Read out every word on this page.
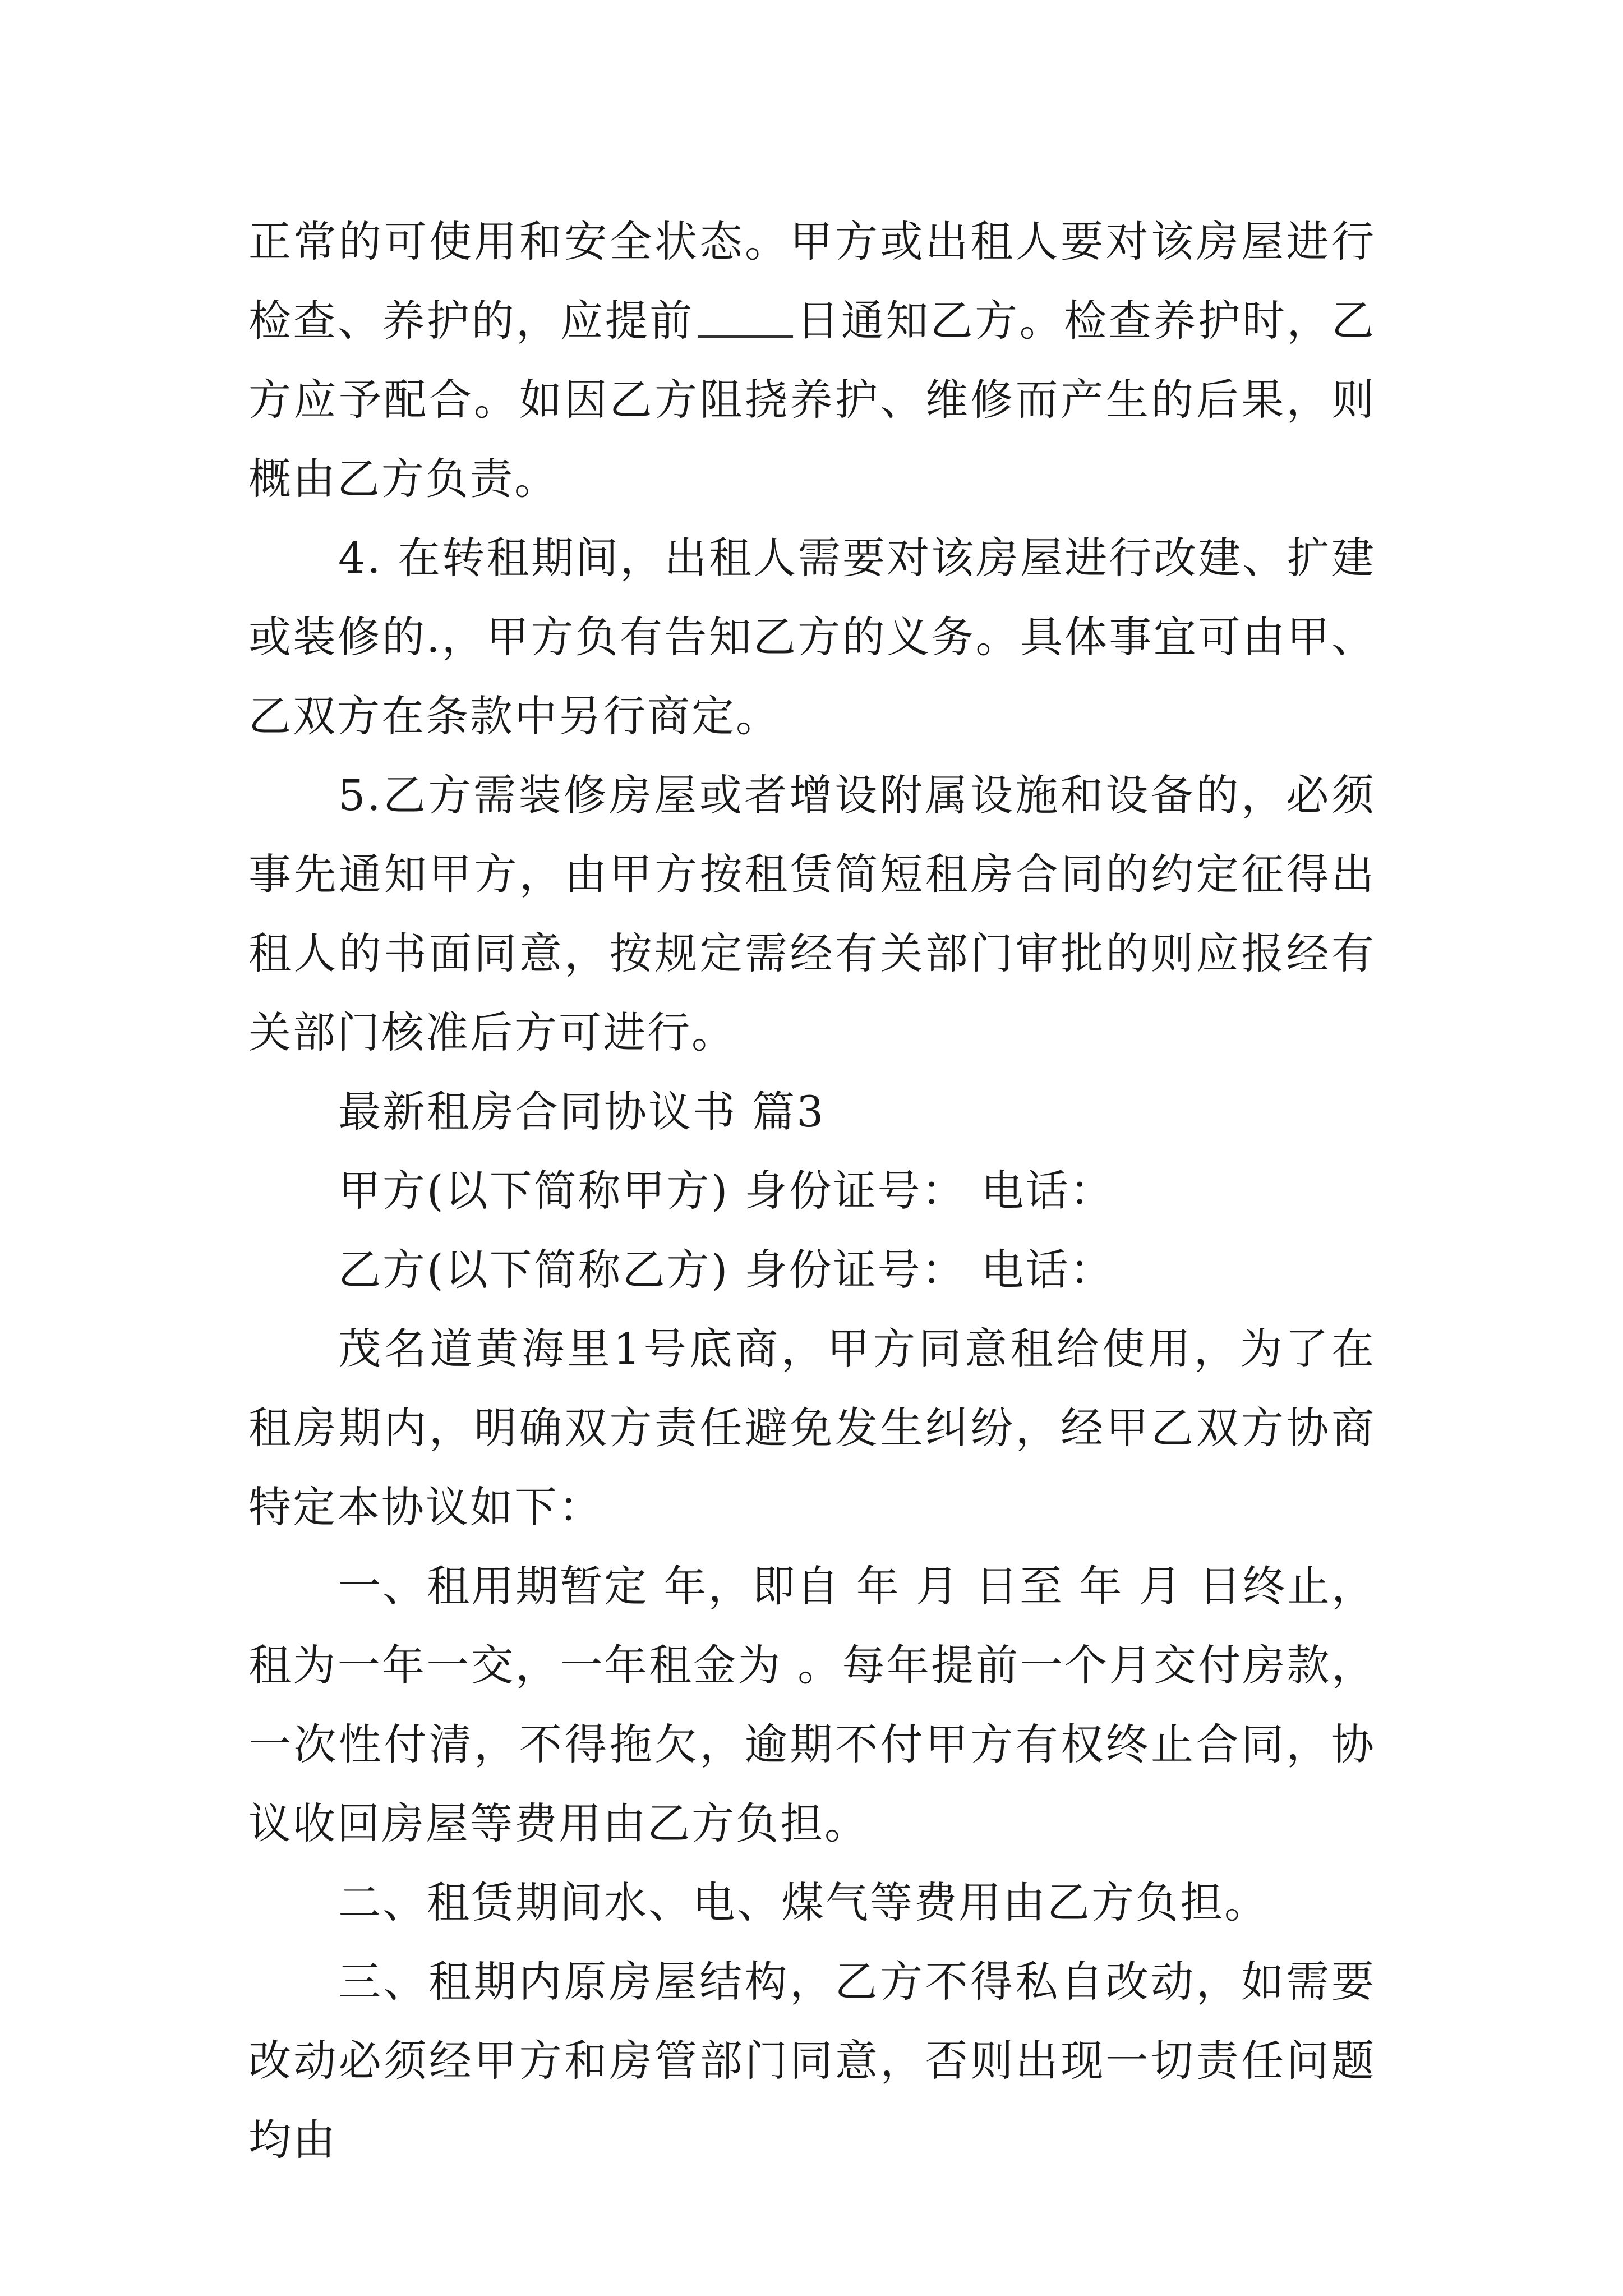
正常的可使用和安全状态。甲方或出租人要对该房屋进行检查、养护的，应提前 日通知乙方。检查养护时，乙方应予配合。如因乙方阻挠养护、维修而产生的后果，则概由乙方负责。

4. 在转租期间，出租人需要对该房屋进行改建、扩建或装修的.，甲方负有告知乙方的义务。具体事宜可由甲、乙双方在条款中另行商定。

5.乙方需装修房屋或者增设附属设施和设备的，必须事先通知甲方，由甲方按租赁简短租房合同的约定征得出租人的书面同意，按规定需经有关部门审批的则应报经有关部门核准后方可进行。

最新租房合同协议书 篇3

甲方(以下简称甲方) 身份证号： 电话：

乙方(以下简称乙方) 身份证号： 电话：

茂名道黄海里1号底商，甲方同意租给使用，为了在租房期内，明确双方责任避免发生纠纷，经甲乙双方协商特定本协议如下：

一、租用期暂定 年，即自 年 月 日至 年 月 日终止，租为一年一交，一年租金为 。每年提前一个月交付房款，一次性付清，不得拖欠，逾期不付甲方有权终止合同，协议收回房屋等费用由乙方负担。

二、租赁期间水、电、煤气等费用由乙方负担。

三、租期内原房屋结构，乙方不得私自改动，如需要改动必须经甲方和房管部门同意，否则出现一切责任问题均由
